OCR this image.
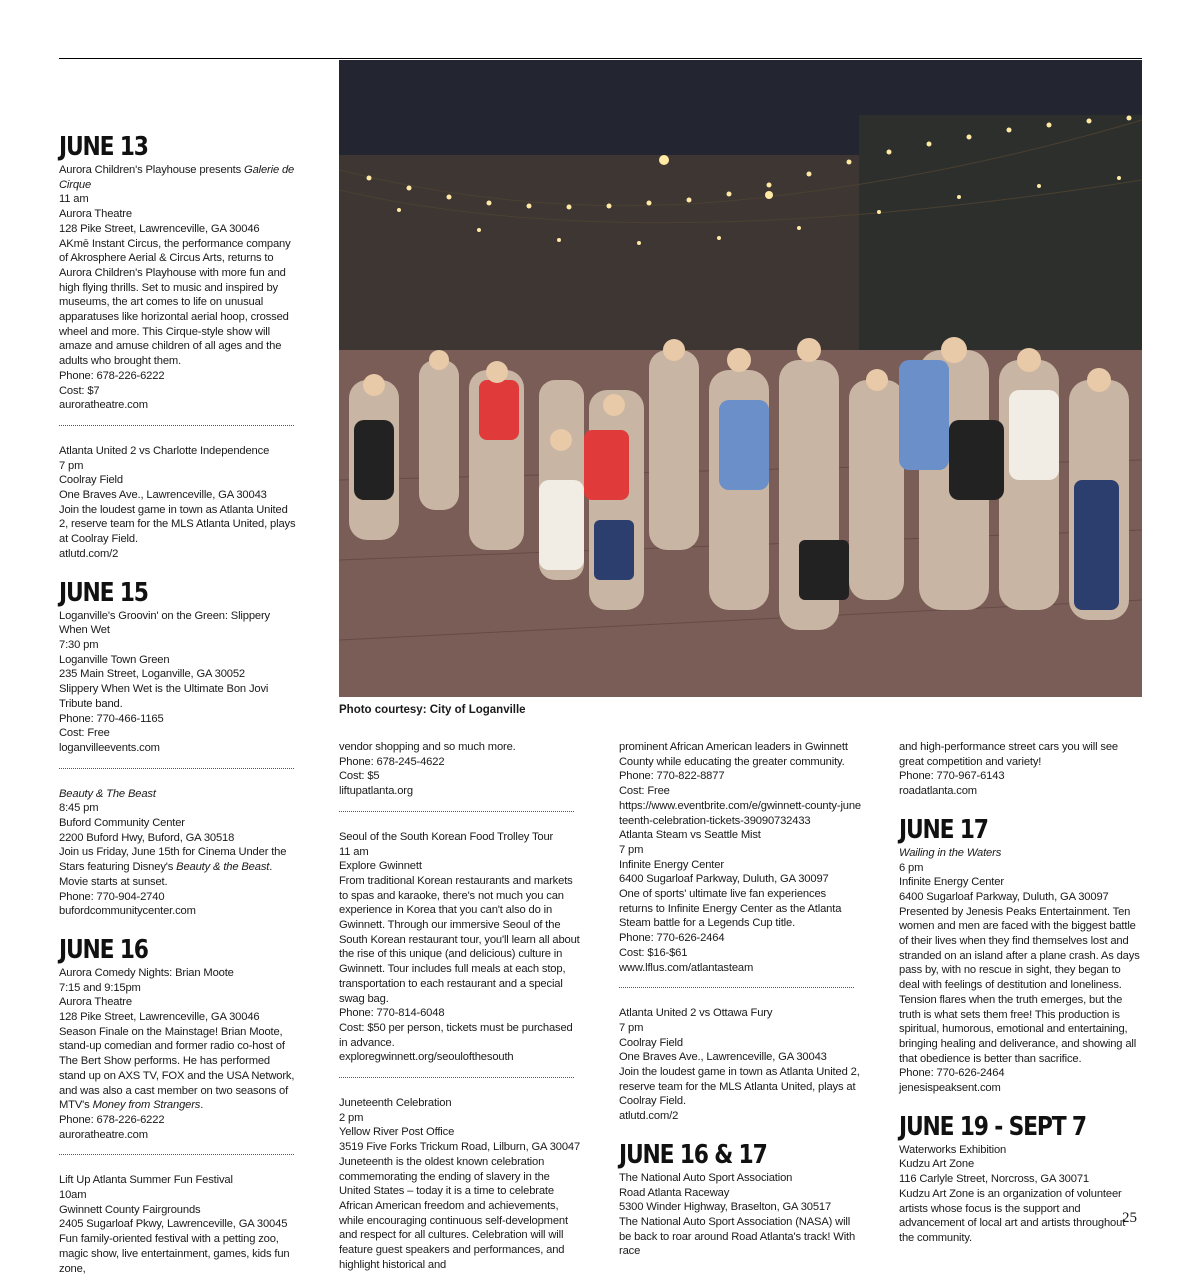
JUNE 13

Aurora Children's Playhouse presents Galerie de Cirque

11 am

Aurora Theatre

128 Pike Street, Lawrenceville, GA 30046

AKmē Instant Circus, the performance company of Akrosphere Aerial & Circus Arts, returns to Aurora Children's Playhouse with more fun and high flying thrills. Set to music and inspired by museums, the art comes to life on unusual apparatuses like horizontal aerial hoop, crossed wheel and more. This Cirque-style show will amaze and amuse children of all ages and the adults who brought them.

Phone: 678-226-6222

Cost: $7

auroratheatre.com

Atlanta United 2 vs Charlotte Independence

7 pm

Coolray Field

One Braves Ave., Lawrenceville, GA 30043

Join the loudest game in town as Atlanta United 2, reserve team for the MLS Atlanta United, plays at Coolray Field.

atlutd.com/2

JUNE 15

Loganville's Groovin' on the Green: Slippery When Wet

7:30 pm

Loganville Town Green

235 Main Street, Loganville, GA 30052

Slippery When Wet is the Ultimate Bon Jovi Tribute band.

Phone: 770-466-1165

Cost: Free

loganvilleevents.com

Beauty & The Beast

8:45 pm

Buford Community Center

2200 Buford Hwy, Buford, GA 30518

Join us Friday, June 15th for Cinema Under the Stars featuring Disney's Beauty & the Beast. Movie starts at sunset.

Phone: 770-904-2740

bufordcommunitycenter.com

JUNE 16

Aurora Comedy Nights: Brian Moote

7:15 and 9:15pm

Aurora Theatre

128 Pike Street, Lawrenceville, GA 30046

Season Finale on the Mainstage! Brian Moote, stand-up comedian and former radio co-host of The Bert Show performs. He has performed stand up on AXS TV, FOX and the USA Network, and was also a cast member on two seasons of MTV's Money from Strangers.

Phone: 678-226-6222

auroratheatre.com

Lift Up Atlanta Summer Fun Festival

10am

Gwinnett County Fairgrounds

2405 Sugarloaf Pkwy, Lawrenceville, GA 30045

Fun family-oriented festival with a petting zoo, magic show, live entertainment, games, kids fun zone,

Photo courtesy: City of Loganville

vendor shopping and so much more.

Phone: 678-245-4622

Cost: $5

liftupatlanta.org

Seoul of the South Korean Food Trolley Tour

11 am

Explore Gwinnett

From traditional Korean restaurants and markets to spas and karaoke, there's not much you can experience in Korea that you can't also do in Gwinnett. Through our immersive Seoul of the South Korean restaurant tour, you'll learn all about the rise of this unique (and delicious) culture in Gwinnett. Tour includes full meals at each stop, transportation to each restaurant and a special swag bag.

Phone: 770-814-6048

Cost: $50 per person, tickets must be purchased in advance.

exploregwinnett.org/seoulofthesouth

Juneteenth Celebration

2 pm

Yellow River Post Office

3519 Five Forks Trickum Road, Lilburn, GA 30047

Juneteenth is the oldest known celebration commemorating the ending of slavery in the United States – today it is a time to celebrate African American freedom and achievements, while encouraging continuous self-development and respect for all cultures. Celebration will will feature guest speakers and performances, and highlight historical and

prominent African American leaders in Gwinnett County while educating the greater community.

Phone: 770-822-8877

Cost: Free

https://www.eventbrite.com/e/gwinnett-county-juneteenth-celebration-tickets-39090732433

Atlanta Steam vs Seattle Mist

7 pm

Infinite Energy Center

6400 Sugarloaf Parkway, Duluth, GA 30097

One of sports' ultimate live fan experiences returns to Infinite Energy Center as the Atlanta Steam battle for a Legends Cup title.

Phone: 770-626-2464

Cost: $16-$61

www.lflus.com/atlantasteam

Atlanta United 2 vs Ottawa Fury

7 pm

Coolray Field

One Braves Ave., Lawrenceville, GA 30043

Join the loudest game in town as Atlanta United 2, reserve team for the MLS Atlanta United, plays at Coolray Field.

atlutd.com/2

JUNE 16 & 17

The National Auto Sport Association

Road Atlanta Raceway

5300 Winder Highway, Braselton, GA 30517

The National Auto Sport Association (NASA) will be back to roar around Road Atlanta's track! With race

and high-performance street cars you will see great competition and variety!

Phone: 770-967-6143

roadatlanta.com

JUNE 17

Wailing in the Waters

6 pm

Infinite Energy Center

6400 Sugarloaf Parkway, Duluth, GA 30097

Presented by Jenesis Peaks Entertainment. Ten women and men are faced with the biggest battle of their lives when they find themselves lost and stranded on an island after a plane crash. As days pass by, with no rescue in sight, they began to deal with feelings of destitution and loneliness. Tension flares when the truth emerges, but the truth is what sets them free! This production is spiritual, humorous, emotional and entertaining, bringing healing and deliverance, and showing all that obedience is better than sacrifice.

Phone: 770-626-2464

jenesispeaksent.com

JUNE 19 - SEPT 7

Waterworks Exhibition

Kudzu Art Zone

116 Carlyle Street, Norcross, GA 30071

Kudzu Art Zone is an organization of volunteer artists whose focus is the support and advancement of local art and artists throughout the community.

25
